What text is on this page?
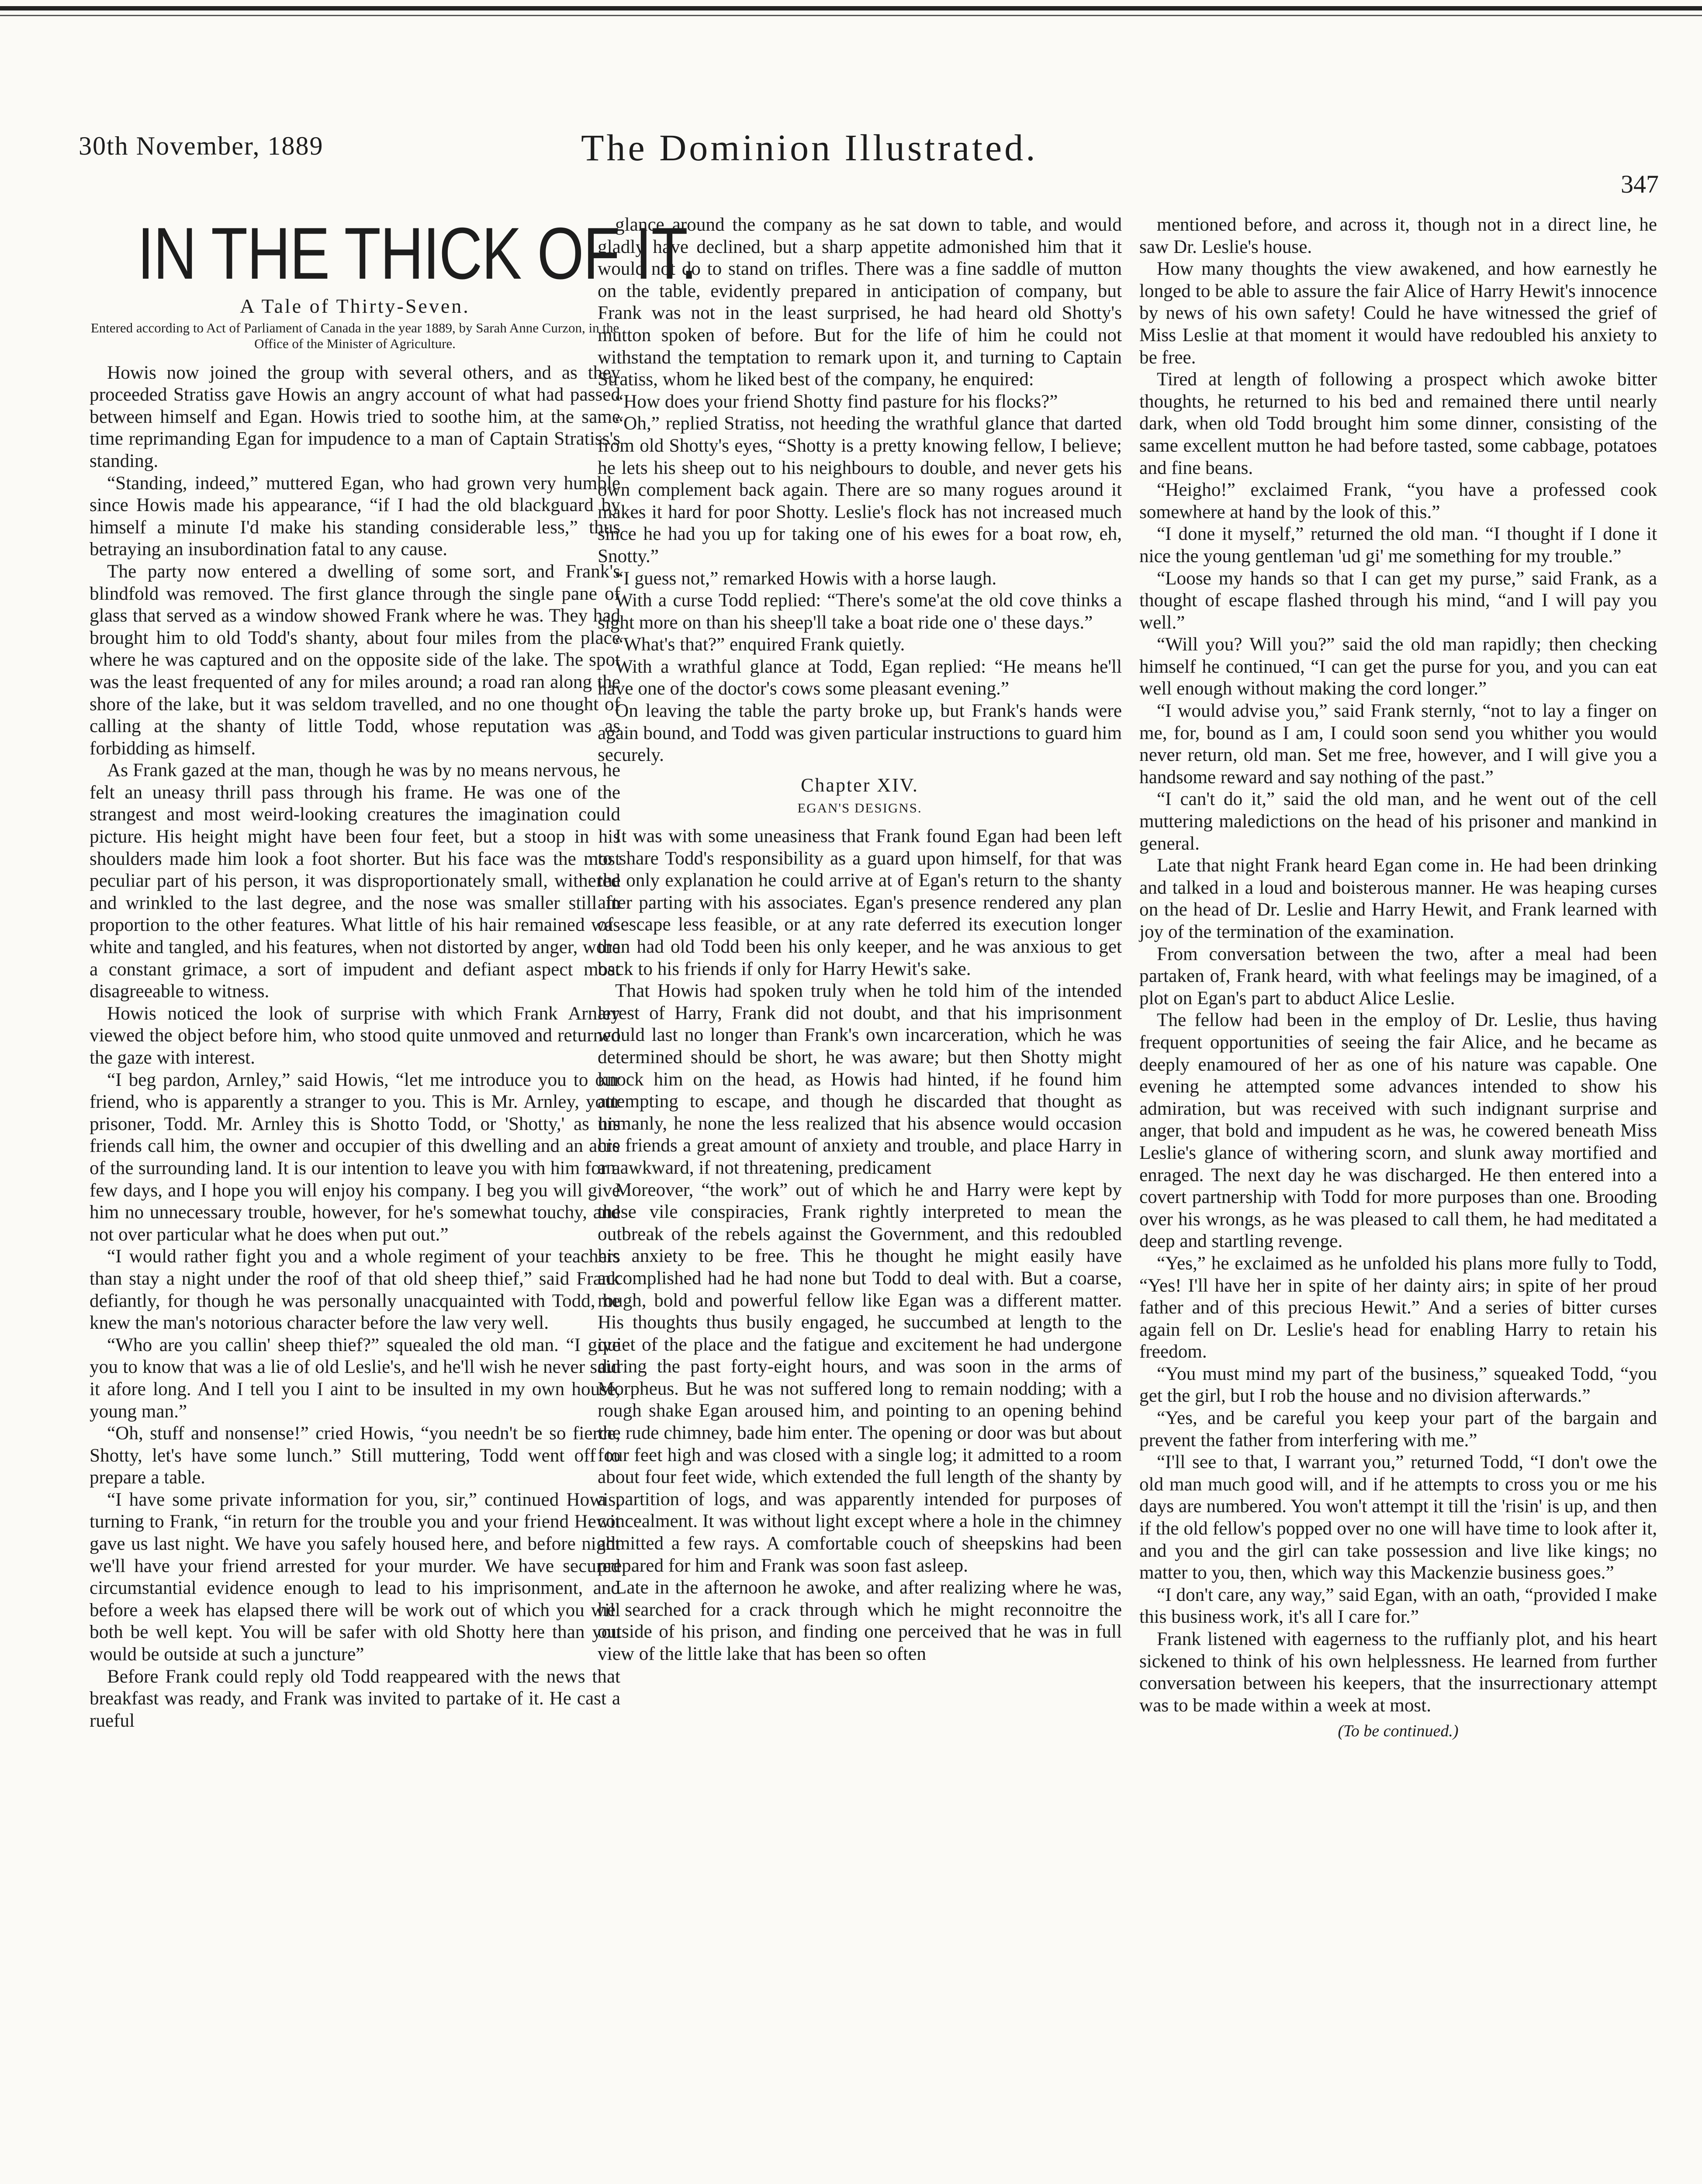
30th November, 1889	The Dominion Illustrated.
347
IN THE THICK OF IT.
A Tale of Thirty-Seven.
Entered according to Act of Parliament of Canada in the year 1889, by Sarah Anne Curzon, in the Office of the Minister of Agriculture.

Howis now joined the group with several others, and as they proceeded Stratiss gave Howis an angry account of what had passed between himself and Egan. Howis tried to soothe him, at the same time reprimanding Egan for impudence to a man of Captain Stratiss's standing.

“Standing, indeed,” muttered Egan, who had grown very humble since Howis made his appearance, “if I had the old blackguard by himself a minute I'd make his standing considerable less,” thus betraying an insubordination fatal to any cause.

The party now entered a dwelling of some sort, and Frank's blindfold was removed. The first glance through the single pane of glass that served as a window showed Frank where he was. They had brought him to old Todd's shanty, about four miles from the place where he was captured and on the opposite side of the lake. The spot was the least frequented of any for miles around; a road ran along the shore of the lake, but it was seldom travelled, and no one thought of calling at the shanty of little Todd, whose reputation was as forbidding as himself.

As Frank gazed at the man, though he was by no means nervous, he felt an uneasy thrill pass through his frame. He was one of the strangest and most weird-looking creatures the imagination could picture. His height might have been four feet, but a stoop in his shoulders made him look a foot shorter. But his face was the most peculiar part of his person, it was disproportionately small, withered and wrinkled to the last degree, and the nose was smaller still in proportion to the other features. What little of his hair remained was white and tangled, and his features, when not distorted by anger, wore a constant grimace, a sort of impudent and defiant aspect most disagreeable to witness.

Howis noticed the look of surprise with which Frank Arnley viewed the object before him, who stood quite unmoved and returned the gaze with interest.

“I beg pardon, Arnley,” said Howis, “let me introduce you to our friend, who is apparently a stranger to you. This is Mr. Arnley, your prisoner, Todd. Mr. Arnley this is Shotto Todd, or 'Shotty,' as his friends call him, the owner and occupier of this dwelling and an acre of the surrounding land. It is our intention to leave you with him for a few days, and I hope you will enjoy his company. I beg you will give him no unnecessary trouble, however, for he's somewhat touchy, and not over particular what he does when put out.”

“I would rather fight you and a whole regiment of your teachers than stay a night under the roof of that old sheep thief,” said Frank defiantly, for though he was personally unacquainted with Todd, he knew the man's notorious character before the law very well.

“Who are you callin' sheep thief?” squealed the old man. “I give you to know that was a lie of old Leslie's, and he'll wish he never said it afore long. And I tell you I aint to be insulted in my own house, young man.”

“Oh, stuff and nonsense!” cried Howis, “you needn't be so fierce, Shotty, let's have some lunch.” Still muttering, Todd went off to prepare a table.

“I have some private information for you, sir,” continued Howis, turning to Frank, “in return for the trouble you and your friend Hewit gave us last night. We have you safely housed here, and before night we'll have your friend arrested for your murder. We have secured circumstantial evidence enough to lead to his imprisonment, and before a week has elapsed there will be work out of which you will both be well kept. You will be safer with old Shotty here than you would be outside at such a juncture”

Before Frank could reply old Todd reappeared with the news that breakfast was ready, and Frank was invited to partake of it. He cast a rueful

glance around the company as he sat down to table, and would gladly have declined, but a sharp appetite admonished him that it would not do to stand on trifles. There was a fine saddle of mutton on the table, evidently prepared in anticipation of company, but Frank was not in the least surprised, he had heard old Shotty's mutton spoken of before. But for the life of him he could not withstand the temptation to remark upon it, and turning to Captain Stratiss, whom he liked best of the company, he enquired:

“How does your friend Shotty find pasture for his flocks?”

“Oh,” replied Stratiss, not heeding the wrathful glance that darted from old Shotty's eyes, “Shotty is a pretty knowing fellow, I believe; he lets his sheep out to his neighbours to double, and never gets his own complement back again. There are so many rogues around it makes it hard for poor Shotty. Leslie's flock has not increased much since he had you up for taking one of his ewes for a boat row, eh, Snotty.”

“I guess not,” remarked Howis with a horse laugh.

With a curse Todd replied: “There's some'at the old cove thinks a sight more on than his sheep'll take a boat ride one o' these days.”

“What's that?” enquired Frank quietly.

With a wrathful glance at Todd, Egan replied: “He means he'll have one of the doctor's cows some pleasant evening.”

On leaving the table the party broke up, but Frank's hands were again bound, and Todd was given particular instructions to guard him securely.

Chapter XIV.
EGAN'S DESIGNS.

It was with some uneasiness that Frank found Egan had been left to share Todd's responsibility as a guard upon himself, for that was the only explanation he could arrive at of Egan's return to the shanty after parting with his associates. Egan's presence rendered any plan of escape less feasible, or at any rate deferred its execution longer than had old Todd been his only keeper, and he was anxious to get back to his friends if only for Harry Hewit's sake.

That Howis had spoken truly when he told him of the intended arrest of Harry, Frank did not doubt, and that his imprisonment would last no longer than Frank's own incarceration, which he was determined should be short, he was aware; but then Shotty might knock him on the head, as Howis had hinted, if he found him attempting to escape, and though he discarded that thought as unmanly, he none the less realized that his absence would occasion his friends a great amount of anxiety and trouble, and place Harry in an awkward, if not threatening, predicament

Moreover, “the work” out of which he and Harry were kept by these vile conspiracies, Frank rightly interpreted to mean the outbreak of the rebels against the Government, and this redoubled his anxiety to be free. This he thought he might easily have accomplished had he had none but Todd to deal with. But a coarse, rough, bold and powerful fellow like Egan was a different matter. His thoughts thus busily engaged, he succumbed at length to the quiet of the place and the fatigue and excitement he had undergone during the past forty-eight hours, and was soon in the arms of Morpheus. But he was not suffered long to remain nodding; with a rough shake Egan aroused him, and pointing to an opening behind the rude chimney, bade him enter. The opening or door was but about four feet high and was closed with a single log; it admitted to a room about four feet wide, which extended the full length of the shanty by a partition of logs, and was apparently intended for purposes of concealment. It was without light except where a hole in the chimney admitted a few rays. A comfortable couch of sheepskins had been prepared for him and Frank was soon fast asleep.

Late in the afternoon he awoke, and after realizing where he was, he searched for a crack through which he might reconnoitre the outside of his prison, and finding one perceived that he was in full view of the little lake that has been so often

mentioned before, and across it, though not in a direct line, he saw Dr. Leslie's house.

How many thoughts the view awakened, and how earnestly he longed to be able to assure the fair Alice of Harry Hewit's innocence by news of his own safety! Could he have witnessed the grief of Miss Leslie at that moment it would have redoubled his anxiety to be free.

Tired at length of following a prospect which awoke bitter thoughts, he returned to his bed and remained there until nearly dark, when old Todd brought him some dinner, consisting of the same excellent mutton he had before tasted, some cabbage, potatoes and fine beans.

“Heigho!” exclaimed Frank, “you have a professed cook somewhere at hand by the look of this.”

“I done it myself,” returned the old man. “I thought if I done it nice the young gentleman 'ud gi' me something for my trouble.”

“Loose my hands so that I can get my purse,” said Frank, as a thought of escape flashed through his mind, “and I will pay you well.”

“Will you? Will you?” said the old man rapidly; then checking himself he continued, “I can get the purse for you, and you can eat well enough without making the cord longer.”

“I would advise you,” said Frank sternly, “not to lay a finger on me, for, bound as I am, I could soon send you whither you would never return, old man. Set me free, however, and I will give you a handsome reward and say nothing of the past.”

“I can't do it,” said the old man, and he went out of the cell muttering maledictions on the head of his prisoner and mankind in general.

Late that night Frank heard Egan come in. He had been drinking and talked in a loud and boisterous manner. He was heaping curses on the head of Dr. Leslie and Harry Hewit, and Frank learned with joy of the termination of the examination.

From conversation between the two, after a meal had been partaken of, Frank heard, with what feelings may be imagined, of a plot on Egan's part to abduct Alice Leslie.

The fellow had been in the employ of Dr. Leslie, thus having frequent opportunities of seeing the fair Alice, and he became as deeply enamoured of her as one of his nature was capable. One evening he attempted some advances intended to show his admiration, but was received with such indignant surprise and anger, that bold and impudent as he was, he cowered beneath Miss Leslie's glance of withering scorn, and slunk away mortified and enraged. The next day he was discharged. He then entered into a covert partnership with Todd for more purposes than one. Brooding over his wrongs, as he was pleased to call them, he had meditated a deep and startling revenge.

“Yes,” he exclaimed as he unfolded his plans more fully to Todd, “Yes! I'll have her in spite of her dainty airs; in spite of her proud father and of this precious Hewit.” And a series of bitter curses again fell on Dr. Leslie's head for enabling Harry to retain his freedom.

“You must mind my part of the business,” squeaked Todd, “you get the girl, but I rob the house and no division afterwards.”

“Yes, and be careful you keep your part of the bargain and prevent the father from interfering with me.”

“I'll see to that, I warrant you,” returned Todd, “I don't owe the old man much good will, and if he attempts to cross you or me his days are numbered. You won't attempt it till the 'risin' is up, and then if the old fellow's popped over no one will have time to look after it, and you and the girl can take possession and live like kings; no matter to you, then, which way this Mackenzie business goes.”

“I don't care, any way,” said Egan, with an oath, “provided I make this business work, it's all I care for.”

Frank listened with eagerness to the ruffianly plot, and his heart sickened to think of his own helplessness. He learned from further conversation between his keepers, that the insurrectionary attempt was to be made within a week at most.

(To be continued.)
